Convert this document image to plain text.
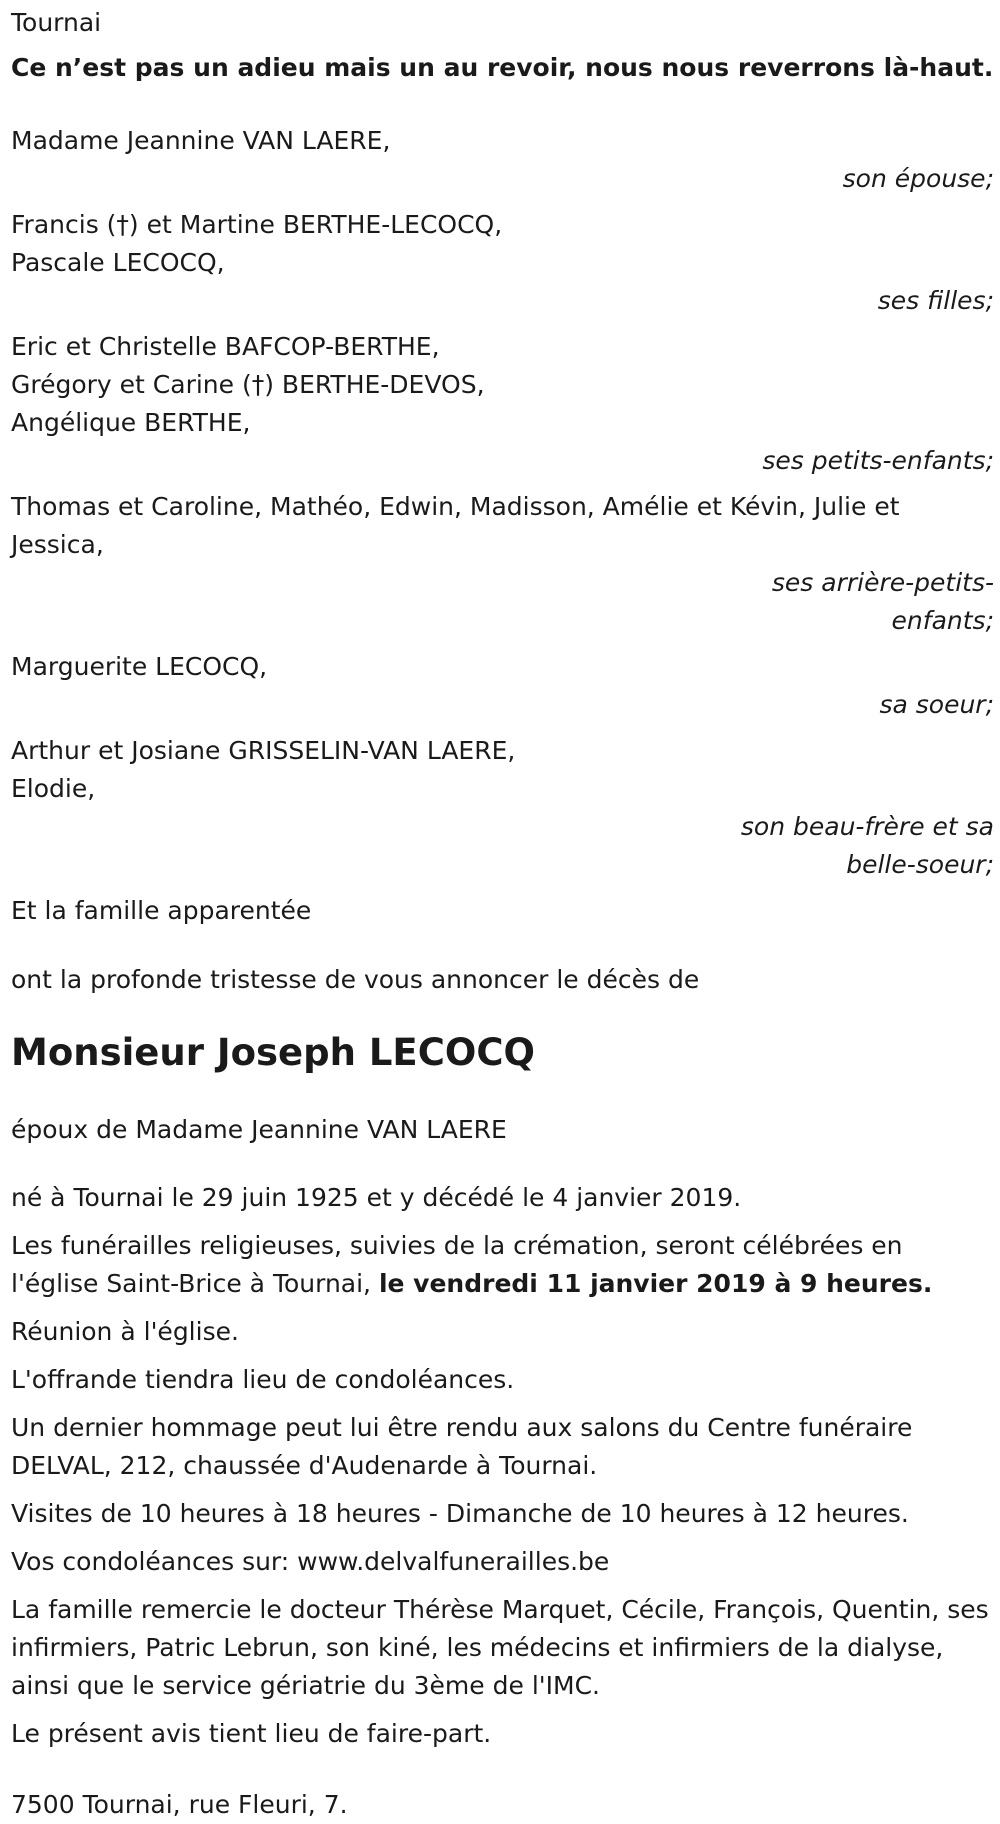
Tournai

Ce n’est pas un adieu mais un au revoir, nous nous reverrons là-haut.

Madame Jeannine VAN LAERE,

son épouse;

Francis (†) et Martine BERTHE-LECOCQ,

Pascale LECOCQ,

ses filles;

Eric et Christelle BAFCOP-BERTHE,

Grégory et Carine (†) BERTHE-DEVOS,

Angélique BERTHE,

ses petits-enfants;

Thomas et Caroline, Mathéo, Edwin, Madisson, Amélie et Kévin, Julie et

Jessica,

ses arrière-petits-
enfants;

Marguerite LECOCQ,

sa soeur;

Arthur et Josiane GRISSELIN-VAN LAERE,

Elodie,

son beau-frère et sa
belle-soeur;

Et la famille apparentée

ont la profonde tristesse de vous annoncer le décès de

Monsieur Joseph LECOCQ

époux de Madame Jeannine VAN LAERE

né à Tournai le 29 juin 1925 et y décédé le 4 janvier 2019.

Les funérailles religieuses, suivies de la crémation, seront célébrées en l'église Saint-Brice à Tournai, le vendredi 11 janvier 2019 à 9 heures.

Réunion à l'église.

L'offrande tiendra lieu de condoléances.

Un dernier hommage peut lui être rendu aux salons du Centre funéraire DELVAL, 212, chaussée d'Audenarde à Tournai.

Visites de 10 heures à 18 heures - Dimanche de 10 heures à 12 heures.

Vos condoléances sur: www.delvalfunerailles.be

La famille remercie le docteur Thérèse Marquet, Cécile, François, Quentin, ses infirmiers, Patric Lebrun, son kiné, les médecins et infirmiers de la dialyse, ainsi que le service gériatrie du 3ème de l'IMC.

Le présent avis tient lieu de faire-part.

7500 Tournai, rue Fleuri, 7.
